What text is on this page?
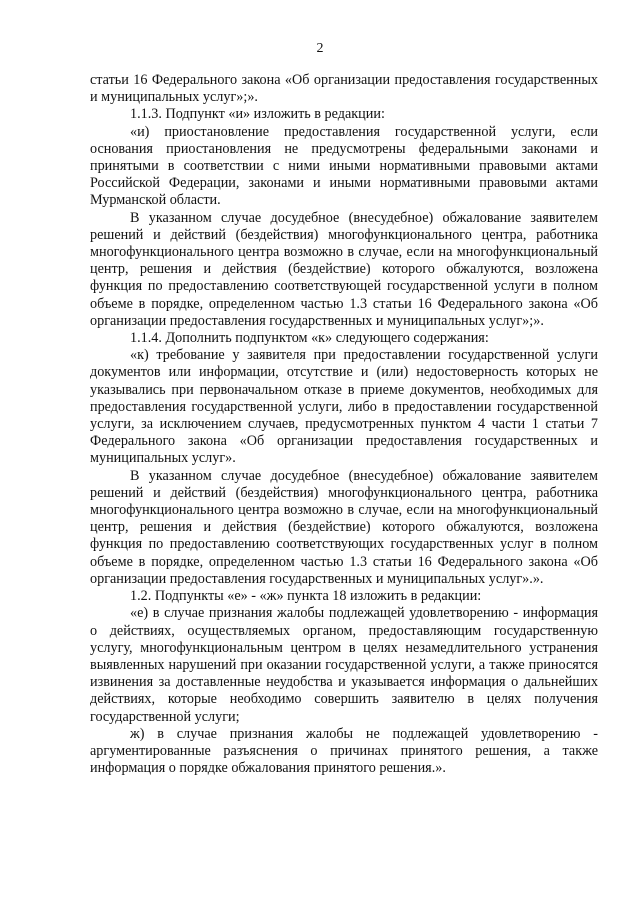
2

статьи 16 Федерального закона «Об организации предоставления государственных и муниципальных услуг»;».

1.1.3. Подпункт «и» изложить в редакции:

«и) приостановление предоставления государственной услуги, если основания приостановления не предусмотрены федеральными законами и принятыми в соответствии с ними иными нормативными правовыми актами Российской Федерации, законами и иными нормативными правовыми актами Мурманской области.

В указанном случае досудебное (внесудебное) обжалование заявителем решений и действий (бездействия) многофункционального центра, работника многофункционального центра возможно в случае, если на многофункциональный центр, решения и действия (бездействие) которого обжалуются, возложена функция по предоставлению соответствующей государственной услуги в полном объеме в порядке, определенном частью 1.3 статьи 16 Федерального закона «Об организации предоставления государственных и муниципальных услуг»;».

1.1.4. Дополнить подпунктом «к» следующего содержания:

«к) требование у заявителя при предоставлении государственной услуги документов или информации, отсутствие и (или) недостоверность которых не указывались при первоначальном отказе в приеме документов, необходимых для предоставления государственной услуги, либо в предоставлении государственной услуги, за исключением случаев, предусмотренных пунктом 4 части 1 статьи 7 Федерального закона «Об организации предоставления государственных и муниципальных услуг».

В указанном случае досудебное (внесудебное) обжалование заявителем решений и действий (бездействия) многофункционального центра, работника многофункционального центра возможно в случае, если на многофункциональный центр, решения и действия (бездействие) которого обжалуются, возложена функция по предоставлению соответствующих государственных услуг в полном объеме в порядке, определенном частью 1.3 статьи 16 Федерального закона «Об организации предоставления государственных и муниципальных услуг».».

1.2. Подпункты «е» - «ж» пункта 18 изложить в редакции:

«е) в случае признания жалобы подлежащей удовлетворению - информация о действиях, осуществляемых органом, предоставляющим государственную услугу, многофункциональным центром в целях незамедлительного устранения выявленных нарушений при оказании государственной услуги, а также приносятся извинения за доставленные неудобства и указывается информация о дальнейших действиях, которые необходимо совершить заявителю в целях получения государственной услуги;

ж) в случае признания жалобы не подлежащей удовлетворению - аргументированные разъяснения о причинах принятого решения, а также информация о порядке обжалования принятого решения.».
